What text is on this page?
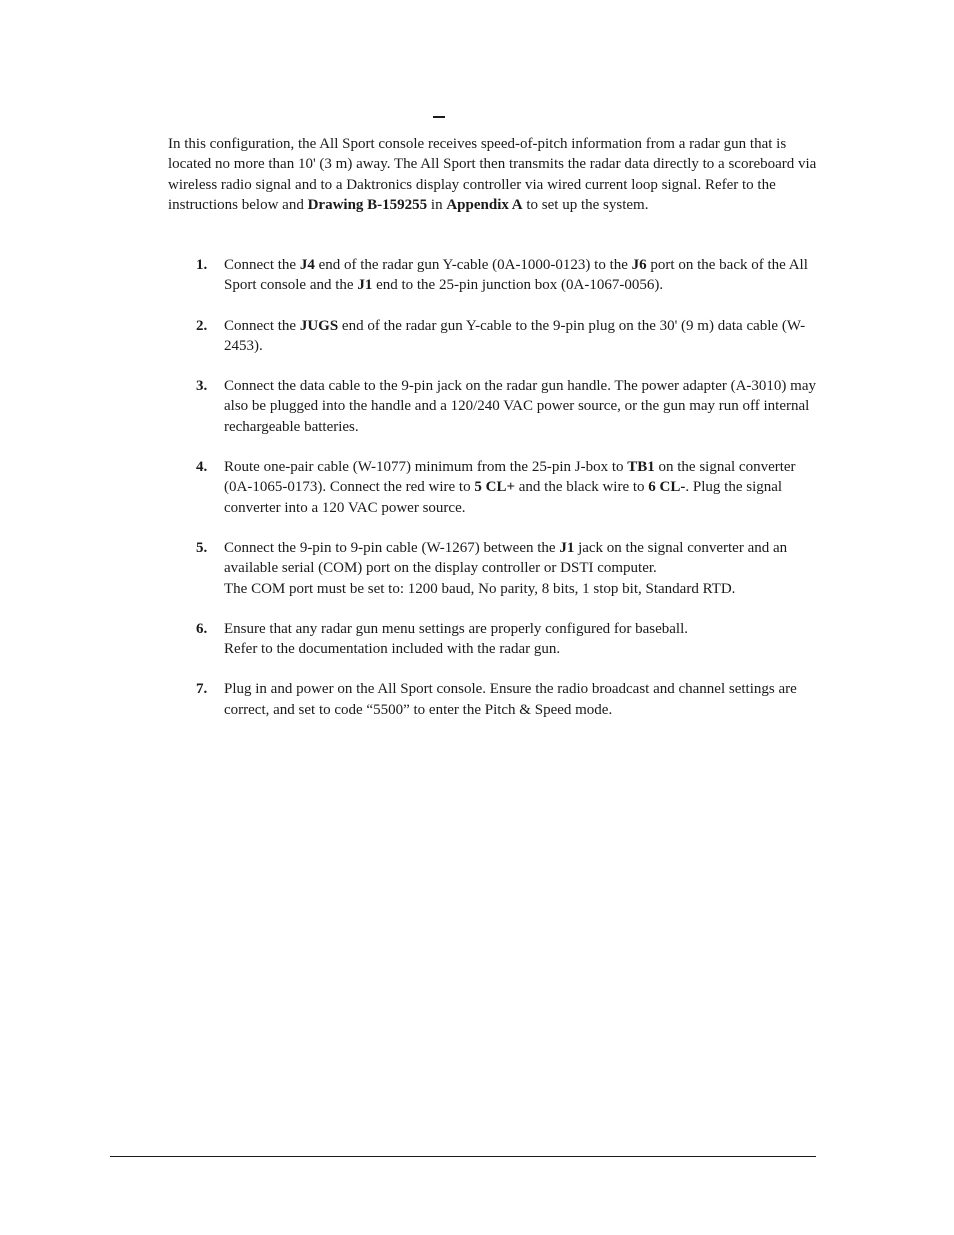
In this configuration, the All Sport console receives speed-of-pitch information from a radar gun that is located no more than 10' (3 m) away. The All Sport then transmits the radar data directly to a scoreboard via wireless radio signal and to a Daktronics display controller via wired current loop signal. Refer to the instructions below and Drawing B-159255 in Appendix A to set up the system.

1. Connect the J4 end of the radar gun Y-cable (0A-1000-0123) to the J6 port on the back of the All Sport console and the J1 end to the 25-pin junction box (0A-1067-0056).
2. Connect the JUGS end of the radar gun Y-cable to the 9-pin plug on the 30' (9 m) data cable (W-2453).
3. Connect the data cable to the 9-pin jack on the radar gun handle. The power adapter (A-3010) may also be plugged into the handle and a 120/240 VAC power source, or the gun may run off internal rechargeable batteries.
4. Route one-pair cable (W-1077) minimum from the 25-pin J-box to TB1 on the signal converter (0A-1065-0173). Connect the red wire to 5 CL+ and the black wire to 6 CL-. Plug the signal converter into a 120 VAC power source.
5. Connect the 9-pin to 9-pin cable (W-1267) between the J1 jack on the signal converter and an available serial (COM) port on the display controller or DSTI computer.
The COM port must be set to: 1200 baud, No parity, 8 bits, 1 stop bit, Standard RTD.
6. Ensure that any radar gun menu settings are properly configured for baseball.
Refer to the documentation included with the radar gun.
7. Plug in and power on the All Sport console. Ensure the radio broadcast and channel settings are correct, and set to code “5500” to enter the Pitch & Speed mode.
